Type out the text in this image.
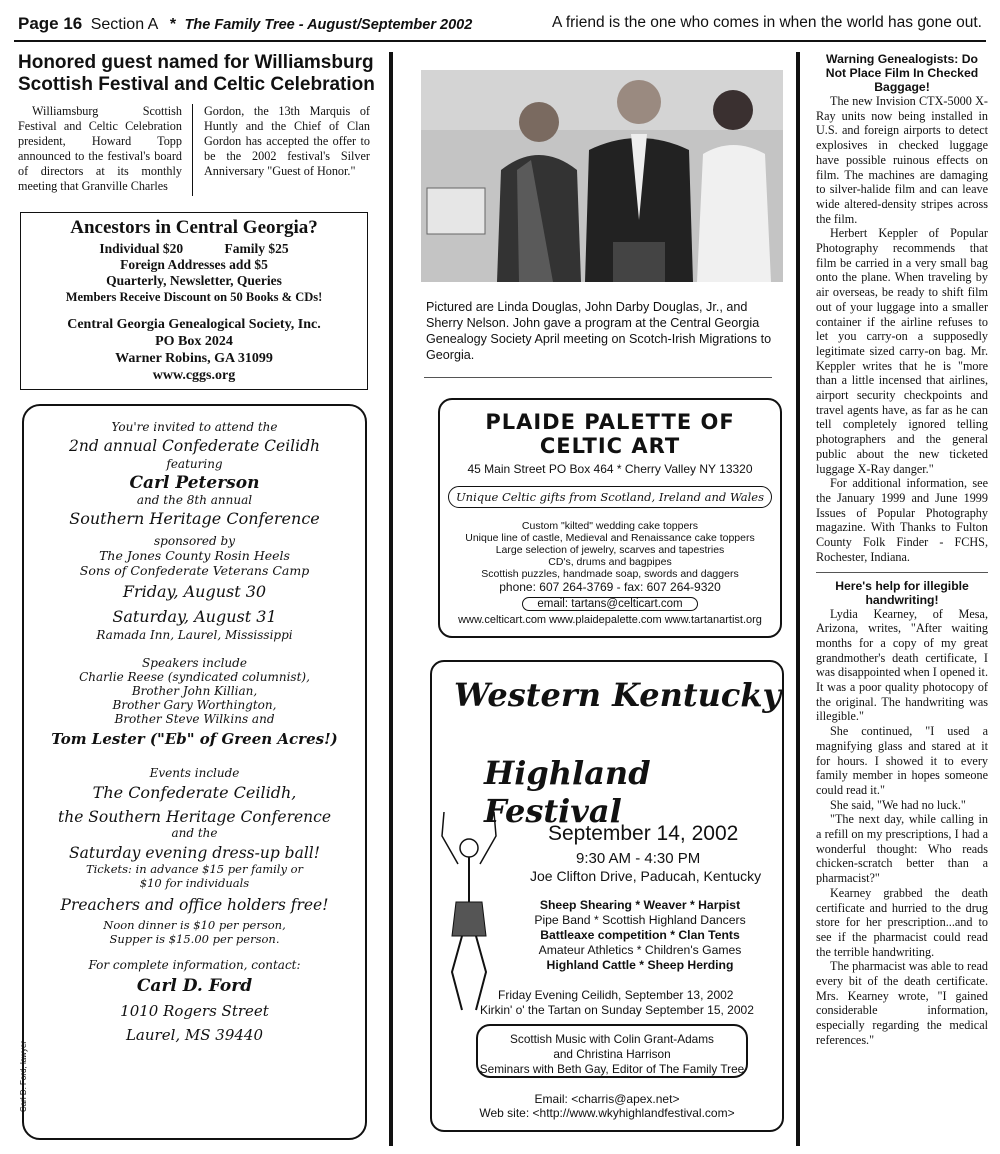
Page 16 Section A * The Family Tree - August/September 2002	A friend is the one who comes in when the world has gone out.
Honored guest named for Williamsburg Scottish Festival and Celtic Celebration
Williamsburg Scottish Festival and Celtic Celebration president, Howard Topp announced to the festival's board of directors at its monthly meeting that Granville Charles
Gordon, the 13th Marquis of Huntly and the Chief of Clan Gordon has accepted the offer to be the 2002 festival's Silver Anniversary "Guest of Honor."
Ancestors in Central Georgia?
Individual $20	Family $25
Foreign Addresses add $5
Quarterly, Newsletter, Queries
Members Receive Discount on 50 Books & CDs!
Central Georgia Genealogical Society, Inc.
PO Box 2024
Warner Robins, GA 31099
www.cggs.org
You're invited to attend the
2nd annual Confederate Ceilidh
featuring
Carl Peterson
and the 8th annual
Southern Heritage Conference
sponsored by
The Jones County Rosin Heels
Sons of Confederate Veterans Camp
Friday, August 30
Saturday, August 31
Ramada Inn, Laurel, Mississippi
Speakers include
Charlie Reese (syndicated columnist),
Brother John Killian,
Brother Gary Worthington,
Brother Steve Wilkins and
Tom Lester ("Eb" of Green Acres!)
Events include
The Confederate Ceilidh,
the Southern Heritage Conference
and the
Saturday evening dress-up ball!
Tickets: in advance $15 per family or
$10 for individuals
Preachers and office holders free!
Noon dinner is $10 per person,
Supper is $15.00 per person.
For complete information, contact:
Carl D. Ford
1010 Rogers Street
Laurel, MS 39440
Carl D. Ford, lawyer
Pictured are Linda Douglas, John Darby Douglas, Jr., and Sherry Nelson. John gave a program at the Central Georgia Genealogy Society April meeting on Scotch-Irish Migrations to Georgia.
PLAIDE PALETTE OF CELTIC ART
45 Main Street PO Box 464 * Cherry Valley NY 13320
Unique Celtic gifts from Scotland, Ireland and Wales
Custom "kilted" wedding cake toppers
Unique line of castle, Medieval and Renaissance cake toppers
Large selection of jewelry, scarves and tapestries
CD's, drums and bagpipes
Scottish puzzles, handmade soap, swords and daggers
phone: 607 264-3769 - fax: 607 264-9320
email: tartans@celticart.com
www.celticart.com www.plaidepalette.com www.tartanartist.org
Western Kentucky
Highland Festival
September 14, 2002
9:30 AM - 4:30 PM
Joe Clifton Drive, Paducah, Kentucky
Sheep Shearing * Weaver * Harpist
Pipe Band * Scottish Highland Dancers
Battleaxe competition * Clan Tents
Amateur Athletics * Children's Games
Highland Cattle * Sheep Herding
Friday Evening Ceilidh, September 13, 2002
Kirkin' o' the Tartan on Sunday September 15, 2002
Scottish Music with Colin Grant-Adams
and Christina Harrison
Seminars with Beth Gay, Editor of The Family Tree
Email: <charris@apex.net>
Web site: <http://www.wkyhighlandfestival.com>
Warning Genealogists: Do Not Place Film In Checked Baggage!

The new Invision CTX-5000 X-Ray units now being installed in U.S. and foreign airports to detect explosives in checked luggage have possible ruinous effects on film. The machines are damaging to silver-halide film and can leave wide altered-density stripes across the film.

Herbert Keppler of Popular Photography recommends that film be carried in a very small bag onto the plane. When traveling by air overseas, be ready to shift film out of your luggage into a smaller container if the airline refuses to let you carry-on a supposedly legitimate sized carry-on bag. Mr. Keppler writes that he is "more than a little incensed that airlines, airport security checkpoints and travel agents have, as far as he can tell completely ignored telling photographers and the general public about the new ticketed luggage X-Ray danger."

For additional information, see the January 1999 and June 1999 Issues of Popular Photography magazine. With Thanks to Fulton County Folk Finder - FCHS, Rochester, Indiana.

Here's help for illegible handwriting!

Lydia Kearney, of Mesa, Arizona, writes, "After waiting months for a copy of my great grandmother's death certificate, I was disappointed when I opened it. It was a poor quality photocopy of the original. The handwriting was illegible."

She continued, "I used a magnifying glass and stared at it for hours. I showed it to every family member in hopes someone could read it."

She said, "We had no luck."

"The next day, while calling in a refill on my prescriptions, I had a wonderful thought: Who reads chicken-scratch better than a pharmacist?"

Kearney grabbed the death certificate and hurried to the drug store for her prescription...and to see if the pharmacist could read the terrible handwriting.

The pharmacist was able to read every bit of the death certificate. Mrs. Kearney wrote, "I gained considerable information, especially regarding the medical references."
